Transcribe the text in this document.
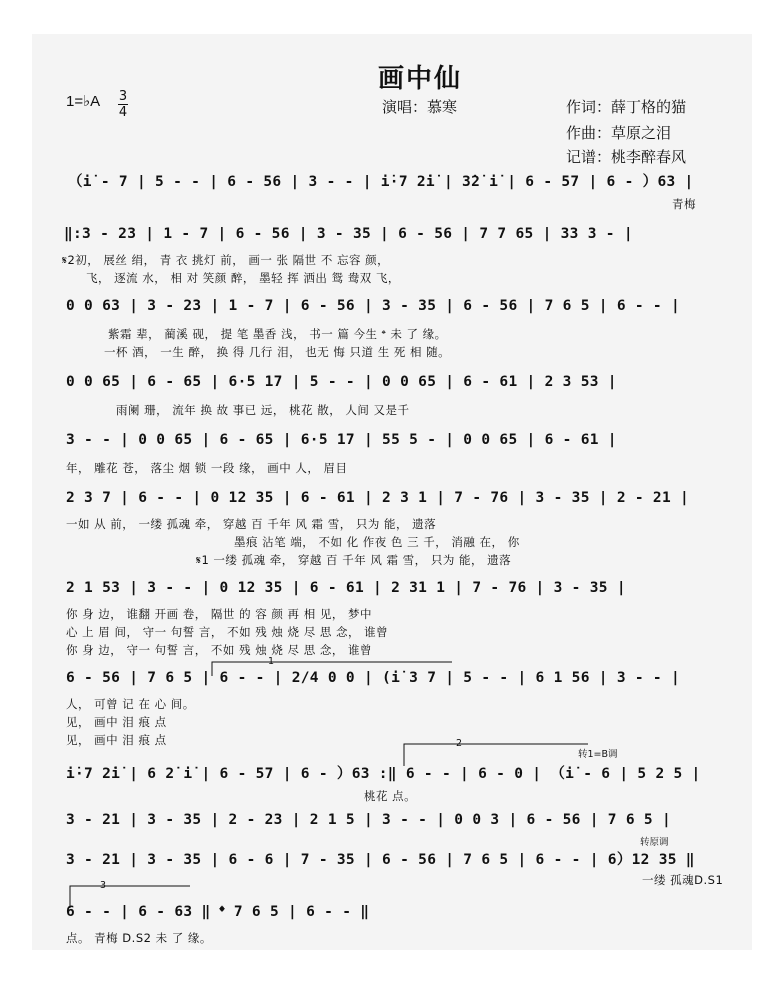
画中仙
1=♭A 3
4	演唱：慕寒	作词：薛丁格的猫
作曲：草原之泪
记谱：桃李醉春风
（i̇ - 7 | 5 - - | 6 - 56 | 3 - - | i̇·7 2̇i̇ | 3̇2̇ i̇ | 6 - 57 | 6 - ）63 |
青梅
‖:3 - 23 | 1 - 7 | 6 - 56 | 3 - 35 | 6 - 56 | 7 7 65 | 33 3 - |
𝄋2初， 展丝 绢， 青 衣 挑灯 前， 画一 张 隔世 不 忘容 颜，
飞， 逐流 水， 相 对 笑颜 醉， 墨轻 挥 洒出 鸳 鸯双 飞，
0 0 63 | 3 - 23 | 1 - 7 | 6 - 56 | 3 - 35 | 6 - 56 | 7 6 5 | 6 - - |
紫霜 辈， 蔺溪 砚， 提 笔 墨香 浅， 书一 篇 今生 𝄌 未 了 缘。
一杯 酒， 一生 醉， 换 得 几行 泪， 也无 悔 只道 生 死 相 随。
0 0 65 | 6 - 65 | 6·5 17 | 5 - - | 0 0 65 | 6 - 61 | 2 3 53 |
雨阑 珊， 流年 换 故 事已 远， 桃花 散， 人间 又是千
3 - - | 0 0 65 | 6 - 65 | 6·5 17 | 55 5 - | 0 0 65 | 6 - 61 |
年， 雕花 苍， 落尘 烟 锁 一段 缘， 画中 人， 眉目
2 3 7 | 6 - - | 0 12 35 | 6 - 61 | 2 3 1 | 7 - 76 | 3 - 35 | 2 - 21 |
一如 从 前， 一缕 孤魂 牵， 穿越 百 千年 风 霜 雪， 只为 能， 遗落
墨痕 沾笔 端， 不如 化 作夜 色 三 千， 消融 在， 你
𝄋1 一缕 孤魂 牵， 穿越 百 千年 风 霜 雪， 只为 能， 遗落
2 1 53 | 3 - - | 0 12 35 | 6 - 61 | 2 31 1 | 7 - 76 | 3 - 35 |
你 身 边， 谁翻 开画 卷， 隔世 的 容 颜 再 相 见， 梦中
心 上 眉 间， 守一 句誓 言， 不如 残 烛 烧 尽 思 念， 谁曾
你 身 边， 守一 句誓 言， 不如 残 烛 烧 尽 思 念， 谁曾
1
6 - 56 | 7 6 5 | 6 - - | 2/4 0 0 | (i̇ 3 7 | 5 - - | 6 1 56 | 3 - - |
人， 可曾 记 在 心 间。
见， 画中 泪 痕 点
见， 画中 泪 痕 点	2
转1=B调
i̇·7 2̇i̇ | 6 2̇ i̇ | 6 - 57 | 6 - ）63 :‖ 6 - - | 6 - 0 | （i̇ - 6 | 5 2 5 |
桃花 点。
3 - 21 | 3 - 35 | 2 - 23 | 2 1 5 | 3 - - | 0 0 3 | 6 - 56 | 7 6 5 |
转原调
3 - 21 | 3 - 35 | 6 - 6 | 7 - 35 | 6 - 56 | 7 6 5 | 6 - - | 6）12 35 ‖
一缕 孤魂D.S1
3
6 - - | 6 - 63 ‖ 𝄌 7 6 5 | 6 - - ‖
点。 青梅 D.S2 未 了 缘。
